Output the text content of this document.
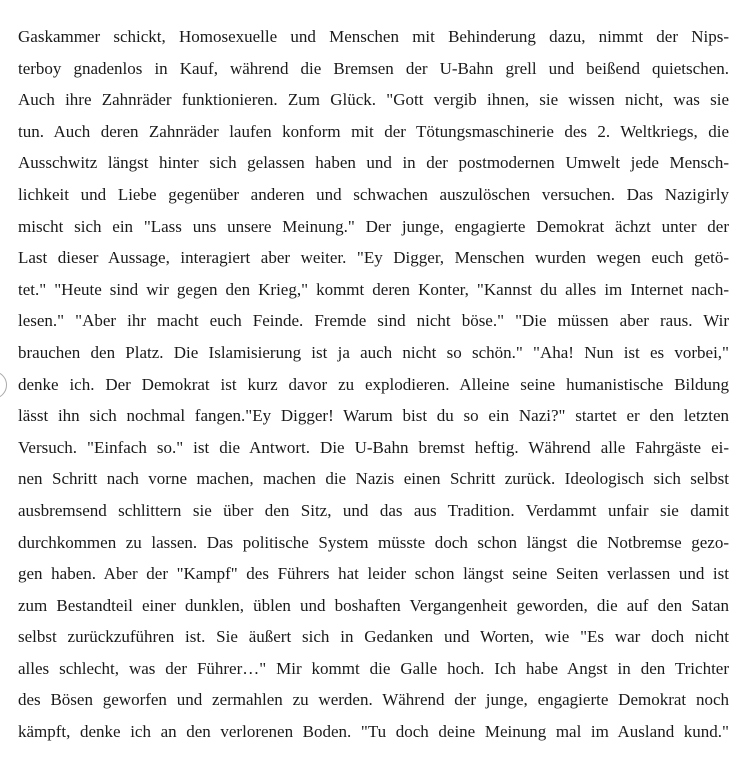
Gaskammer schickt, Homosexuelle und Menschen mit Behinderung dazu, nimmt der Nips-
terboy gnadenlos in Kauf, während die Bremsen der U-Bahn grell und beißend quietschen.
Auch ihre Zahnräder funktionieren. Zum Glück. "Gott vergib ihnen, sie wissen nicht, was sie
tun. Auch deren Zahnräder laufen konform mit der Tötungsmaschinerie des 2. Weltkriegs, die
Ausschwitz längst hinter sich gelassen haben und in der postmodernen Umwelt jede Mensch-
lichkeit und Liebe gegenüber anderen und schwachen auszulöschen versuchen. Das Nazigirly
mischt sich ein "Lass uns unsere Meinung." Der junge, engagierte Demokrat ächzt unter der
Last dieser Aussage, interagiert aber weiter. "Ey Digger, Menschen wurden wegen euch getö-
tet." "Heute sind wir gegen den Krieg," kommt deren Konter, "Kannst du alles im Internet nach-
lesen." "Aber ihr macht euch Feinde. Fremde sind nicht böse." "Die müssen aber raus. Wir
brauchen den Platz. Die Islamisierung ist ja auch nicht so schön." "Aha! Nun ist es vorbei,"
denke ich. Der Demokrat ist kurz davor zu explodieren. Alleine seine humanistische Bildung
lässt ihn sich nochmal fangen."Ey Digger! Warum bist du so ein Nazi?" startet er den letzten
Versuch. "Einfach so." ist die Antwort. Die U-Bahn bremst heftig. Während alle Fahrgäste ei-
nen Schritt nach vorne machen, machen die Nazis einen Schritt zurück. Ideologisch sich selbst
ausbremsend schlittern sie über den Sitz, und das aus Tradition. Verdammt unfair sie damit
durchkommen zu lassen. Das politische System müsste doch schon längst die Notbremse gezo-
gen haben. Aber der "Kampf" des Führers hat leider schon längst seine Seiten verlassen und ist
zum Bestandteil einer dunklen, üblen und boshaften Vergangenheit geworden, die auf den Satan
selbst zurückzuführen ist. Sie äußert sich in Gedanken und Worten, wie "Es war doch nicht
alles schlecht, was der Führer…" Mir kommt die Galle hoch. Ich habe Angst in den Trichter
des Bösen geworfen und zermahlen zu werden. Während der junge, engagierte Demokrat noch
kämpft, denke ich an den verlorenen Boden. "Tu doch deine Meinung mal im Ausland kund."
